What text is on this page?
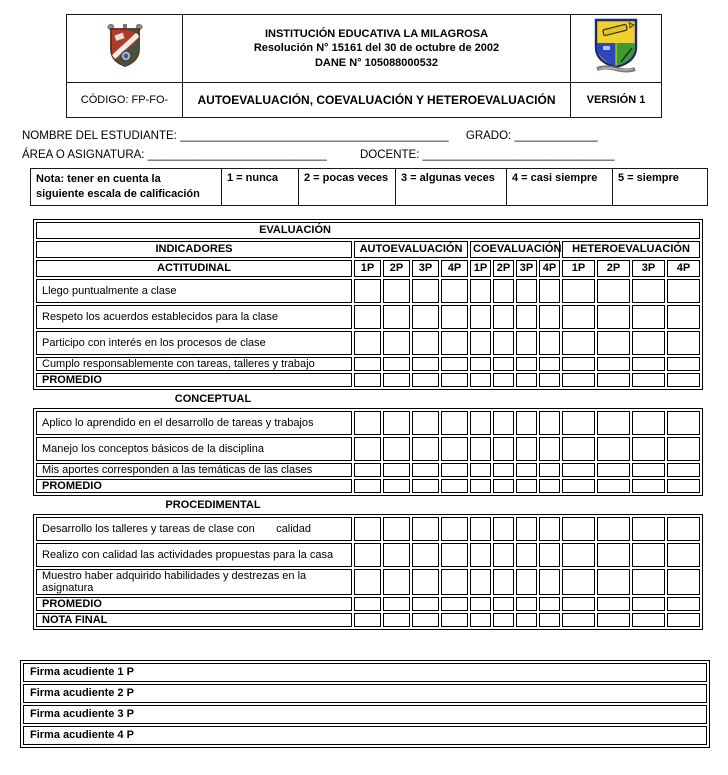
INSTITUCIÓN EDUCATIVA LA MILAGROSA
Resolución N° 15161 del 30 de octubre de 2002
DANE N° 105088000532

CÓDIGO: FP-FO-	AUTOEVALUACIÓN, COEVALUACIÓN Y HETEROEVALUACIÓN	VERSIÓN 1
NOMBRE DEL ESTUDIANTE: __________________________________________ GRADO: _____________
ÁREA O ASIGNATURA: ____________________________	DOCENTE: ______________________________
Nota: tener en cuenta la
siguiente escala de calificación
	1 = nunca	2 = pocas veces	3 = algunas veces	4 = casi siempre	5 = siempre
EVALUACIÓN												
INDICADORES	AUTOEVALUACIÓN				COEVALUACIÓN				HETEROEVALUACIÓN			
ACTITUDINAL	1P	2P	3P	4P	1P	2P	3P	4P	1P	2P	3P	4P
Llego puntualmente a clase												
Respeto los acuerdos establecidos para la clase												
Participo con interés en los procesos de clase												
Cumplo responsablemente con tareas, talleres y trabajo												
PROMEDIO												
CONCEPTUAL
Aplico lo aprendido en el desarrollo de tareas y trabajos												
Manejo los conceptos básicos de la disciplina												
Mis aportes corresponden a las temáticas de las clases												
PROMEDIO												
PROCEDIMENTAL
Desarrollo los talleres y tareas de clase con       calidad												
Realizo con calidad las actividades propuestas para la casa												
Muestro haber adquirido habilidades y destrezas en la asignatura												
PROMEDIO												
NOTA FINAL												
Firma acudiente 1 P
Firma acudiente 2 P
Firma acudiente 3 P
Firma acudiente 4 P
